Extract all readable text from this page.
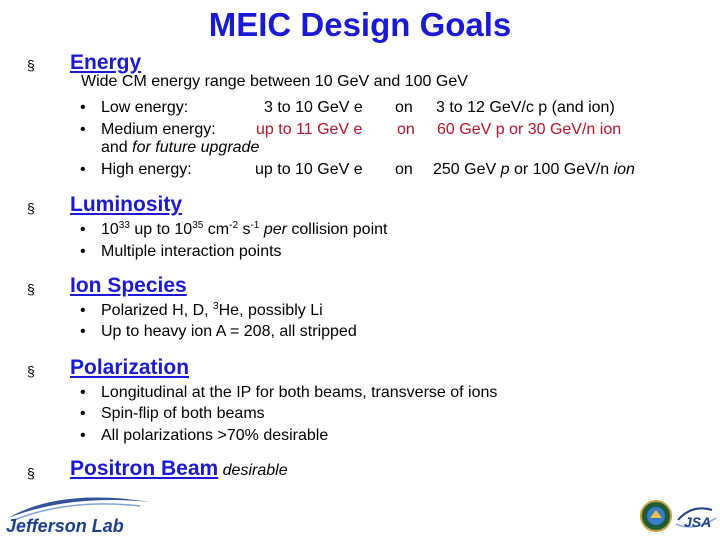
MEIC Design Goals
§ Energy
Wide CM energy range between 10 GeV and 100 GeV
• Low energy:	3 to 10 GeV e on 3 to 12 GeV/c p (and ion)
• Medium energy:	up to 11 GeV e on 60 GeV p or 30 GeV/n ion
and for future upgrade
• High energy:	up to 10 GeV e on 250 GeV p or 100 GeV/n ion
§ Luminosity
• $10^{33}$ up to $10^{35}$ $cm^{-2}$ $s^{-1}$ per collision point
• Multiple interaction points
§ Ion Species
• Polarized H, D, $^3$He, possibly Li
• Up to heavy ion A = 208, all stripped
§ Polarization
• Longitudinal at the IP for both beams, transverse of ions
• Spin-flip of both beams
• All polarizations >70% desirable
§ Positron Beam desirable
Jefferson Lab	JSA
